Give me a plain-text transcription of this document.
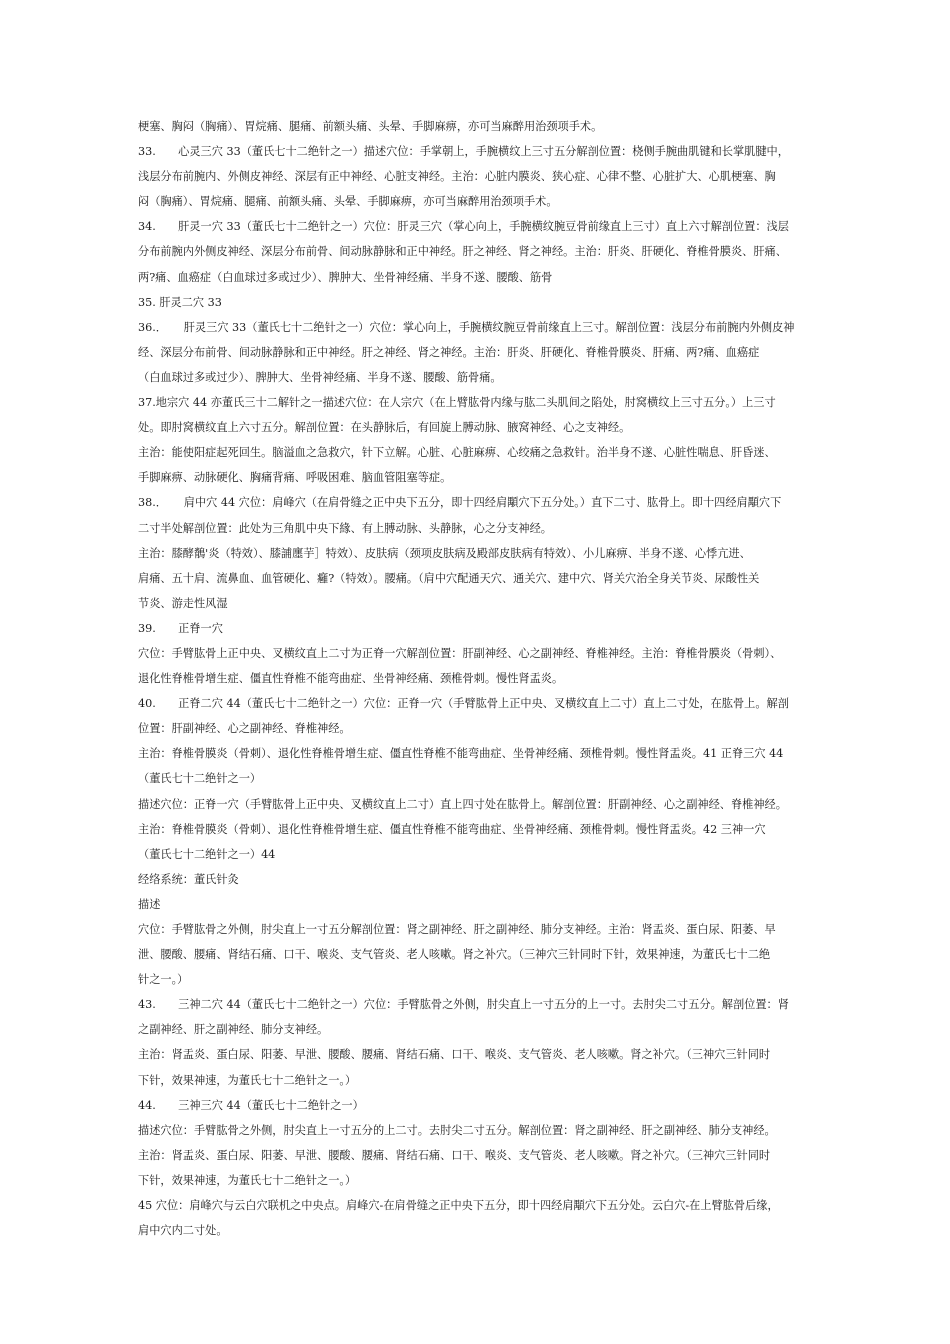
梗塞、胸闷（胸痛）、胃烷痛、腿痛、前额头痛、头晕、手脚麻痹，亦可当麻醉用治颈项手术。
33.　　心灵三穴 33（董氏七十二绝针之一）描述穴位：手掌朝上，手腕横纹上三寸五分解剖位置：桡侧手腕曲肌键和长掌肌腱中，
浅层分布前腕内、外侧皮神经、深层有正中神经、心脏支神经。主治：心脏内膜炎、狭心症、心律不整、心脏扩大、心肌梗塞、胸
闷（胸痛）、胃烷痛、腿痛、前额头痛、头晕、手脚麻痹，亦可当麻醉用治颈项手术。
34.　　肝灵一穴 33（董氏七十二绝针之一）穴位：肝灵三穴（掌心向上，手腕横纹腕豆骨前缘直上三寸）直上六寸解剖位置：浅层
分布前腕内外侧皮神经、深层分布前骨、间动脉静脉和正中神经。肝之神经、肾之神经。主治：肝炎、肝硬化、脊椎骨膜炎、肝痛、
两?痛、血癌症（白血球过多或过少）、脾肿大、坐骨神经痛、半身不遂、腰酸、筋骨
35. 肝灵二穴 33
36.．　　肝灵三穴 33（董氏七十二绝针之一）穴位：掌心向上，手腕横纹腕豆骨前缘直上三寸。解剖位置：浅层分布前腕内外侧皮神
经、深层分布前骨、间动脉静脉和正中神经。肝之神经、肾之神经。主治：肝炎、肝硬化、脊椎骨膜炎、肝痛、两?痛、血癌症
（白血球过多或过少）、脾肿大、坐骨神经痛、半身不遂、腰酸、筋骨痛。
37.地宗穴 44 亦董氏三十二解针之一描述穴位：在人宗穴（在上臂肱骨内缘与肱二头肌间之陷处，肘窝横纹上三寸五分。）上三寸
处。即肘窝横纹直上六寸五分。解剖位置：在头静脉后，有回旋上膊动脉、腋窝神经、心之支神经。
主治：能使阳症起死回生。脑溢血之急救穴，针下立解。心脏、心脏麻痹、心绞痛之急救针。治半身不遂、心脏性喘息、肝昏迷、
手脚麻痹、动脉硬化、胸痛背痛、呼吸困难、脑血管阻塞等症。
38.．　　肩中穴 44 穴位：肩峰穴（在肩骨缝之正中央下五分，即十四经肩顒穴下五分处。）直下二寸、肱骨上。即十四经肩顒穴下
二寸半处解剖位置：此处为三角肌中央下緣、有上膊动脉、头静脉，心之分支神经。
主治：膝酵鶺'炎（特效）、膝誧廛芋］特效）、皮肤病（颈项皮肤病及殿部皮肤病有特效）、小儿麻痹、半身不遂、心悸亢进、
肩痛、五十肩、流鼻血、血管硬化、癰?（特效）。腰痛。（肩中穴配通天穴、通关穴、建中穴、肾关穴治全身关节炎、尿酸性关
节炎、游走性风湿
39.　　正脊一穴
穴位：手臂肱骨上正中央、叉横纹直上二寸为正脊一穴解剖位置：肝副神经、心之副神经、脊椎神经。主治：脊椎骨膜炎（骨刺）、
退化性脊椎骨增生症、僵直性脊椎不能弯曲症、坐骨神经痛、颈椎骨刺。慢性肾盂炎。
40.　　正脊二穴 44（董氏七十二绝针之一）穴位：正脊一穴（手臂肱骨上正中央、叉横纹直上二寸）直上二寸处，在肱骨上。解剖
位置：肝副神经、心之副神经、脊椎神经。
主治：脊椎骨膜炎（骨刺）、退化性脊椎骨增生症、僵直性脊椎不能弯曲症、坐骨神经痛、颈椎骨刺。慢性肾盂炎。41 正脊三穴 44
（董氏七十二绝针之一）
描述穴位：正脊一穴（手臂肱骨上正中央、叉横纹直上二寸）直上四寸处在肱骨上。解剖位置：肝副神经、心之副神经、脊椎神经。
主治：脊椎骨膜炎（骨刺）、退化性脊椎骨增生症、僵直性脊椎不能弯曲症、坐骨神经痛、颈椎骨刺。慢性肾盂炎。42 三神一穴
（董氏七十二绝针之一）44
经络系统：董氏针灸
描述
穴位：手臂肱骨之外侧，肘尖直上一寸五分解剖位置：肾之副神经、肝之副神经、肺分支神经。主治：肾盂炎、蛋白尿、阳萎、早
泄、腰酸、腰痛、肾结石痛、口干、喉炎、支气管炎、老人咳嗽。肾之补穴。（三神穴三针同时下针，效果神速，为董氏七十二绝
针之一。）
43.　　三神二穴 44（董氏七十二绝针之一）穴位：手臂肱骨之外侧，肘尖直上一寸五分的上一寸。去肘尖二寸五分。解剖位置：肾
之副神经、肝之副神经、肺分支神经。
主治：肾盂炎、蛋白尿、阳萎、早泄、腰酸、腰痛、肾结石痛、口干、喉炎、支气管炎、老人咳嗽。肾之补穴。（三神穴三针同时
下针，效果神速，为董氏七十二绝针之一。）
44.　　三神三穴 44（董氏七十二绝针之一）
描述穴位：手臂肱骨之外侧，肘尖直上一寸五分的上二寸。去肘尖二寸五分。解剖位置：肾之副神经、肝之副神经、肺分支神经。
主治：肾盂炎、蛋白尿、阳萎、早泄、腰酸、腰痛、肾结石痛、口干、喉炎、支气管炎、老人咳嗽。肾之补穴。（三神穴三针同时
下针，效果神速，为董氏七十二绝针之一。）
45 穴位：肩峰穴与云白穴联机之中央点。肩峰穴-在肩骨缝之正中央下五分，即十四经肩顒穴下五分处。云白穴-在上臂肱骨后缘，
肩中穴内二寸处。
